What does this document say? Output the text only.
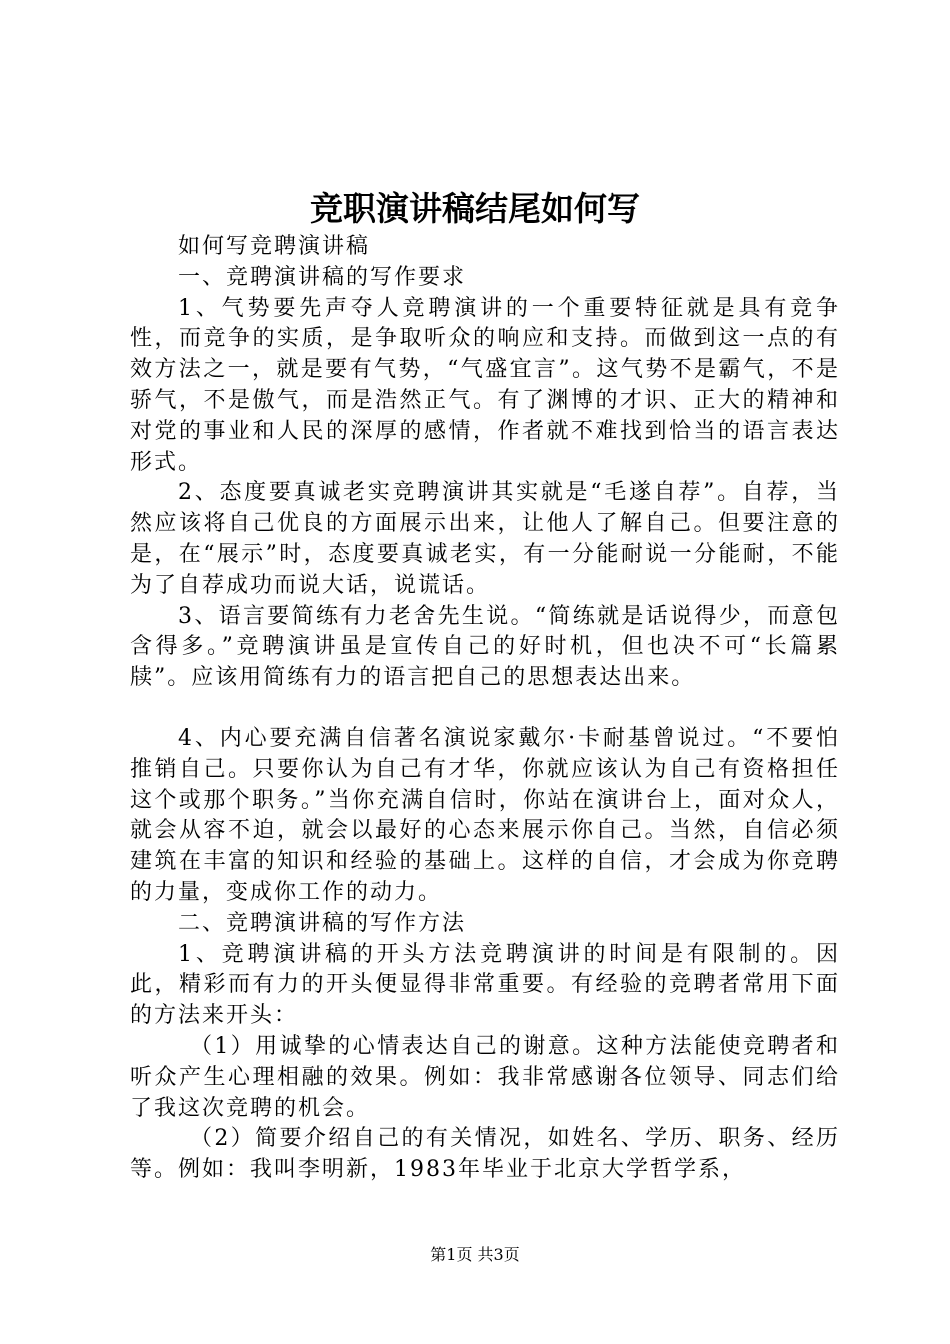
竞职演讲稿结尾如何写

如何写竞聘演讲稿

一、竞聘演讲稿的写作要求

1、气势要先声夺人竞聘演讲的一个重要特征就是具有竞争性，而竞争的实质，是争取听众的响应和支持。而做到这一点的有效方法之一，就是要有气势，“气盛宜言”。这气势不是霸气，不是骄气，不是傲气，而是浩然正气。有了渊博的才识、正大的精神和对党的事业和人民的深厚的感情，作者就不难找到恰当的语言表达形式。

2、态度要真诚老实竞聘演讲其实就是“毛遂自荐”。自荐，当然应该将自己优良的方面展示出来，让他人了解自己。但要注意的是，在“展示”时，态度要真诚老实，有一分能耐说一分能耐，不能为了自荐成功而说大话，说谎话。

3、语言要简练有力老舍先生说。“简练就是话说得少，而意包含得多。”竞聘演讲虽是宣传自己的好时机，但也决不可“长篇累牍”。应该用简练有力的语言把自己的思想表达出来。

4、内心要充满自信著名演说家戴尔·卡耐基曾说过。“不要怕推销自己。只要你认为自己有才华，你就应该认为自己有资格担任这个或那个职务。”当你充满自信时，你站在演讲台上，面对众人，就会从容不迫，就会以最好的心态来展示你自己。当然，自信必须建筑在丰富的知识和经验的基础上。这样的自信，才会成为你竞聘的力量，变成你工作的动力。

二、竞聘演讲稿的写作方法

1、竞聘演讲稿的开头方法竞聘演讲的时间是有限制的。因此，精彩而有力的开头便显得非常重要。有经验的竞聘者常用下面的方法来开头：

（1）用诚挚的心情表达自己的谢意。这种方法能使竞聘者和听众产生心理相融的效果。例如：我非常感谢各位领导、同志们给了我这次竞聘的机会。

（2）简要介绍自己的有关情况，如姓名、学历、职务、经历等。例如：我叫李明新，1983年毕业于北京大学哲学系，

第1页 共3页
